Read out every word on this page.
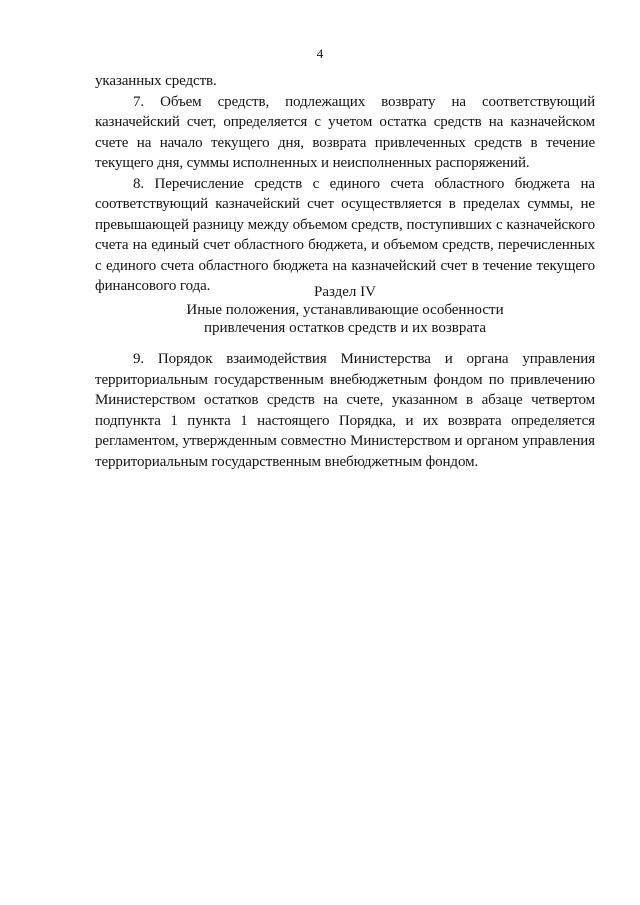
4

указанных средств.

7. Объем средств, подлежащих возврату на соответствующий казначейский счет, определяется с учетом остатка средств на казначейском счете на начало текущего дня, возврата привлеченных средств в течение текущего дня, суммы исполненных и неисполненных распоряжений.

8. Перечисление средств с единого счета областного бюджета на соответствующий казначейский счет осуществляется в пределах суммы, не превышающей разницу между объемом средств, поступивших с казначейского счета на единый счет областного бюджета, и объемом средств, перечисленных с единого счета областного бюджета на казначейский счет в течение текущего финансового года.	Раздел IV
Иные положения, устанавливающие особенности
привлечения остатков средств и их возврата

9. Порядок взаимодействия Министерства и органа управления территориальным государственным внебюджетным фондом по привлечению Министерством остатков средств на счете, указанном в абзаце четвертом подпункта 1 пункта 1 настоящего Порядка, и их возврата определяется регламентом, утвержденным совместно Министерством и органом управления территориальным государственным внебюджетным фондом.
